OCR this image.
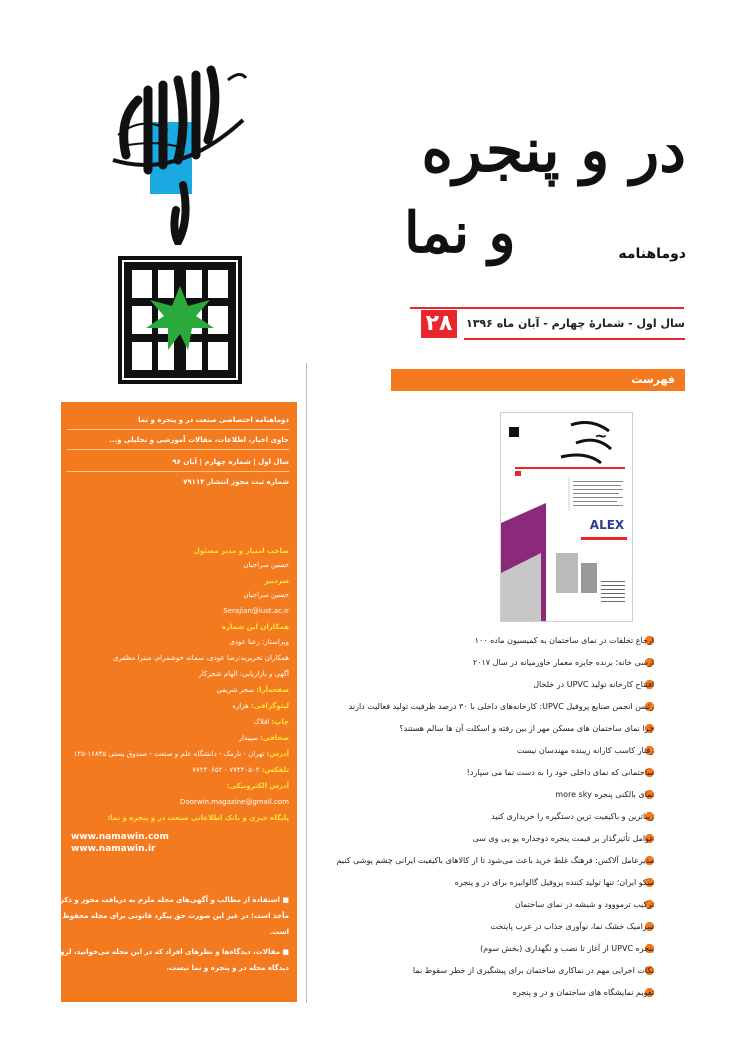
در و پنجره
و نما	دوماهنامه
۲۸	سال اول - شمارهٔ چهارم - آبان ماه ۱۳۹۶
دوماهنامه اختصاصی صنعت در و پنجره و نما
حاوی اخبار، اطلاعات، مقالات آموزشی و تحلیلی و...
سال اول | شماره چهارم | آبان ۹۶
شماره ثبت مجوز انتشار ۷۹۱۱۴
صاحب امتیاز و مدیر مسئول
حسین سراجیان
سردبیر
حسین سراجیان
Serajian@iust.ac.ir
همکاران این شماره
ویراستار: رعنا عودی
همکاران تحریریه:رضا عودی، سمانه خوشمرام، میترا مظفری
آگهی و بازاریابی: الهام شجرکار
صفحه‌آرا: سحر شریفی
لیتوگرافی: هزاره
چاپ: افلاک
صحافی: سپیدار
آدرس: تهران - نارمک - دانشگاه علم و صنعت - صندوق پستی ۱۶۸۴۵-۱۳۵
تلفکس: ۷۷۲۴۰۵۰۲ - ۷۷۲۴۰۶۵۲
آدرس الکترونیکی:
Doorwin.magazine@gmail.com
پایگاه خبری و بانک اطلاعاتی صنعت در و پنجره و نما:
www.namawin.com
www.namawin.ir
■ استفاده از مطالب و آگهی‌های مجله ملزم به دریافت مجوز و ذکر
مأخذ است؛ در غیر این صورت حق پیگرد قانونی برای مجله محفوظ
است.
■ مقالات، دیدگاه‌ها و نظرهای افراد که در این مجله می‌خوانید، لزوماً
دیدگاه مجله در و پنجره و نما نیست.
فهرست
~
ALEX
ارجاع تخلفات در نمای ساختمان به کمیسیون ماده ۱۰۰
ارسی خانه؛ برنده جایزه معمار خاورمیانه در سال ۲۰۱۷
افتتاح کارخانه تولید UPVC در خلخال
رئیس انجمن صنایع پروفیل UPVC: کارخانه‌های داخلی با ۳۰ درصد ظرفیت تولید فعالیت دارند
چرا نمای ساختمان های مسکن مهر از بین رفته و اسکلت آن ها سالم هستند؟
رفتار کاسب کارانه زیبنده مهندسان نیست
ساختمانی که نمای داخلی خود را به دست نما می سپارد!
نمای بالکنی پنجره more sky
زیباترین و باکیفیت ترین دستگیره را خریداری کنید
عوامل تأثیرگذار بر قیمت پنجره دوجداره یو پی وی سی
مدیرعامل آلاکس: فرهنگ غلط خرید باعث می‌شود تا از کالاهای باکیفیت ایرانی چشم پوشی کنیم
سکو ایران؛ تنها تولید کننده پروفیل گالوانیزه برای در و پنجره
ترکیب ترمووود و شیشه در نمای ساختمان
سرامیک خشک نما، نوآوری جذاب در غرب پایتخت
پنجره UPVC از آغاز تا نصب و نگهداری (بخش سوم)
نکات اجرایی مهم در نماکاری ساختمان برای پیشگیری از خطر سقوط نما
تقویم نمایشگاه های ساختمان و در و پنجره
